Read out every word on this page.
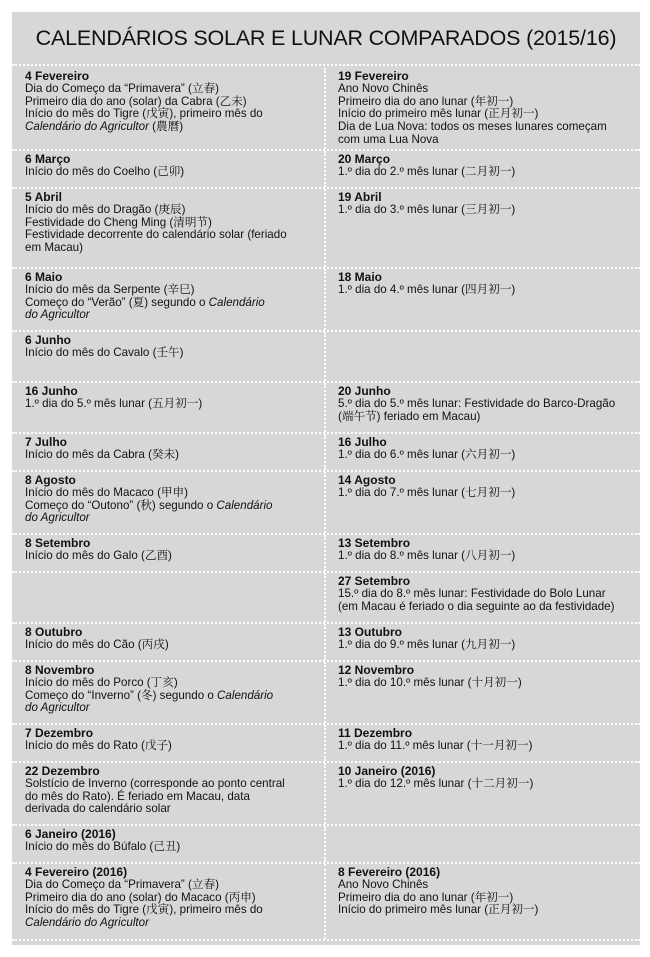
CALENDÁRIOS SOLAR E LUNAR COMPARADOS (2015/16)
4 Fevereiro
Dia do Começo da “Primavera” (立春)
Primeiro dia do ano (solar) da Cabra (乙未)
Início do mês do Tigre (戊寅), primeiro mês do
Calendário do Agricultor (農曆)
19 Fevereiro
Ano Novo Chinês
Primeiro dia do ano lunar (年初一)
Início do primeiro mês lunar (正月初一)
Dia de Lua Nova: todos os meses lunares começam
com uma Lua Nova
6 Março
Início do mês do Coelho (己卯)
20 Março
1.º dia do 2.º mês lunar (二月初一)
5 Abril
Início do mês do Dragão (庚辰)
Festividade do Cheng Ming (清明节)
Festividade decorrente do calendário solar (feriado
em Macau)
19 Abril
1.º dia do 3.º mês lunar (三月初一)
6 Maio
Início do mês da Serpente (辛巳)
Começo do “Verão” (夏) segundo o Calendário
do Agricultor
18 Maio
1.º dia do 4.º mês lunar (四月初一)
6 Junho
Início do mês do Cavalo (壬午)
16 Junho
1.º dia do 5.º mês lunar (五月初一)
20 Junho
5.º dia do 5.º mês lunar: Festividade do Barco-Dragão
(端午节) feriado em Macau)
7 Julho
Início do mês da Cabra (癸未)
16 Julho
1.º dia do 6.º mês lunar (六月初一)
8 Agosto
Início do mês do Macaco (甲申)
Começo do “Outono” (秋) segundo o Calendário
do Agricultor
14 Agosto
1.º dia do 7.º mês lunar (七月初一)
8 Setembro
Início do mês do Galo (乙酉)
13 Setembro
1.º dia do 8.º mês lunar (八月初一)
27 Setembro
15.º dia do 8.º mês lunar: Festividade do Bolo Lunar
(em Macau é feriado o dia seguinte ao da festividade)
8 Outubro
Início do mês do Cão (丙戌)
13 Outubro
1.º dia do 9.º mês lunar (九月初一)
8 Novembro
Início do mês do Porco (丁亥)
Começo do “Inverno” (冬) segundo o Calendário
do Agricultor
12 Novembro
1.º dia do 10.º mês lunar (十月初一)
7 Dezembro
Início do mês do Rato (戊子)
11 Dezembro
1.º dia do 11.º mês lunar (十一月初一)
22 Dezembro
Solstício de Inverno (corresponde ao ponto central
do mês do Rato). É feriado em Macau, data
derivada do calendário solar
10 Janeiro (2016)
1.º dia do 12.º mês lunar (十二月初一)
6 Janeiro (2016)
Início do mês do Búfalo (己丑)
4 Fevereiro (2016)
Dia do Começo da “Primavera” (立春)
Primeiro dia do ano (solar) do Macaco (丙申)
Início do mês do Tigre (戊寅), primeiro mês do
Calendário do Agricultor
8 Fevereiro (2016)
Ano Novo Chinês
Primeiro dia do ano lunar (年初一)
Início do primeiro mês lunar (正月初一)
